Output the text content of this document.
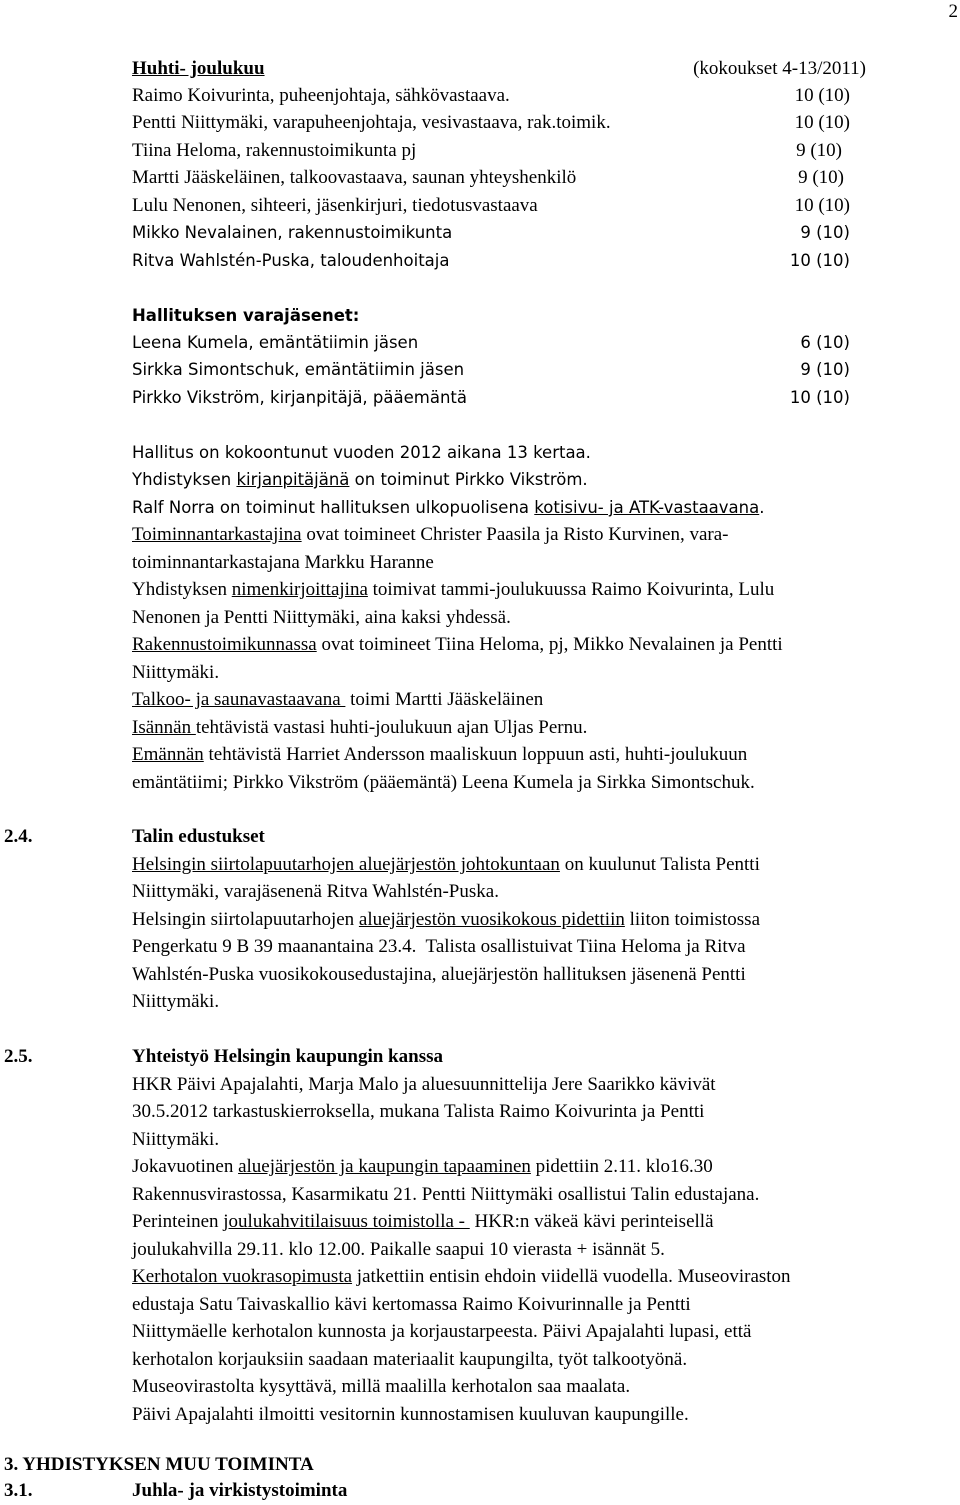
2
Huhti- joulukuu	(kokoukset 4-13/2011)
Raimo Koivurinta, puheenjohtaja, sähkövastaava.	10 (10)
Pentti Niittymäki, varapuheenjohtaja, vesivastaava, rak.toimik.	10 (10)
Tiina Heloma, rakennustoimikunta pj	9 (10)
Martti Jääskeläinen, talkoovastaava, saunan yhteyshenkilö	9 (10)
Lulu Nenonen, sihteeri, jäsenkirjuri, tiedotusvastaava	10 (10)
Mikko Nevalainen, rakennustoimikunta	9 (10)
Ritva Wahlstén-Puska, taloudenhoitaja	10 (10)
Hallituksen varajäsenet:
Leena Kumela, emäntätiimin jäsen	6 (10)
Sirkka Simontschuk, emäntätiimin jäsen	9 (10)
Pirkko Vikström, kirjanpitäjä, pääemäntä	10 (10)
Hallitus on kokoontunut vuoden 2012 aikana 13 kertaa.
Yhdistyksen kirjanpitäjänä on toiminut Pirkko Vikström.
Ralf Norra on toiminut hallituksen ulkopuolisena kotisivu- ja ATK-vastaavana.
Toiminnantarkastajina ovat toimineet Christer Paasila ja Risto Kurvinen, vara-
toiminnantarkastajana Markku Haranne
Yhdistyksen nimenkirjoittajina toimivat tammi-joulukuussa Raimo Koivurinta, Lulu
Nenonen ja Pentti Niittymäki, aina kaksi yhdessä.
Rakennustoimikunnassa ovat toimineet Tiina Heloma, pj, Mikko Nevalainen ja Pentti
Niittymäki.
Talkoo- ja saunavastaavana  toimi Martti Jääskeläinen
Isännän tehtävistä vastasi huhti-joulukuun ajan Uljas Pernu.
Emännän tehtävistä Harriet Andersson maaliskuun loppuun asti, huhti-joulukuun
emäntätiimi; Pirkko Vikström (pääemäntä) Leena Kumela ja Sirkka Simontschuk.
2.4.	Talin edustukset
Helsingin siirtolapuutarhojen aluejärjestön johtokuntaan on kuulunut Talista Pentti
Niittymäki, varajäsenenä Ritva Wahlstén-Puska.
Helsingin siirtolapuutarhojen aluejärjestön vuosikokous pidettiin liiton toimistossa
Pengerkatu 9 B 39 maanantaina 23.4.  Talista osallistuivat Tiina Heloma ja Ritva
Wahlstén-Puska vuosikokousedustajina, aluejärjestön hallituksen jäsenenä Pentti
Niittymäki.
2.5.	Yhteistyö Helsingin kaupungin kanssa
HKR Päivi Apajalahti, Marja Malo ja aluesuunnittelija Jere Saarikko kävivät
30.5.2012 tarkastuskierroksella, mukana Talista Raimo Koivurinta ja Pentti
Niittymäki.
Jokavuotinen aluejärjestön ja kaupungin tapaaminen pidettiin 2.11. klo16.30
Rakennusvirastossa, Kasarmikatu 21. Pentti Niittymäki osallistui Talin edustajana.
Perinteinen joulukahvitilaisuus toimistolla -  HKR:n väkeä kävi perinteisellä
joulukahvilla 29.11. klo 12.00. Paikalle saapui 10 vierasta + isännät 5.
Kerhotalon vuokrasopimusta jatkettiin entisin ehdoin viidellä vuodella. Museoviraston
edustaja Satu Taivaskallio kävi kertomassa Raimo Koivurinnalle ja Pentti
Niittymäelle kerhotalon kunnosta ja korjaustarpeesta. Päivi Apajalahti lupasi, että
kerhotalon korjauksiin saadaan materiaalit kaupungilta, työt talkootyönä.
Museovirastolta kysyttävä, millä maalilla kerhotalon saa maalata.
Päivi Apajalahti ilmoitti vesitornin kunnostamisen kuuluvan kaupungille.
3. YHDISTYKSEN MUU TOIMINTA
3.1.	Juhla- ja virkistystoiminta
